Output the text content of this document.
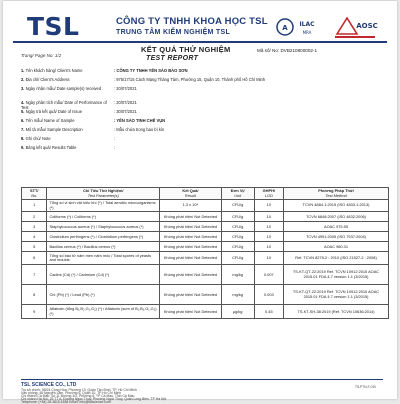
TSL	CÔNG TY TNHH KHOA HỌC TSL
TRUNG TÂM KIỂM NGHIỆM TSL
A ILAC
MRA
AOSC
Trang/ Page No: 1/2
KẾT QUẢ THỬ NGHIỆM
TEST REPORT
Mã số/ No: DVB210800002-1
1. Tên khách hàng/ Client's Name	: CÔNG TY TNHH YẾN SÀO BẢO SƠN
2. Địa chỉ/ Client's Address	: 975/17/15 Cách Mạng Tháng Tám, Phường 15, Quận 10, Thành phố Hồ Chí Minh
3. Ngày nhận mẫu/ Date sample(s) received	: 20/07/2021
4. Ngày phân tích mẫu/ Date of Performance of Test
: 20/07/2021
5. Ngày trả kết quả/ Date of Issue	: 30/07/2021
6. Tên mẫu/ Name of Sample	: YẾN SÀO TINH CHẾ VỤN
7. Mô tả mẫu/ Sample Description	: Mẫu chứa trong bao bì kín
8. Ghi chú/ Note	:
9. Bảng kết quả/ Results Table	:
STT/
No.	Chỉ Tiêu Thử Nghiệm/
Test Parameter(s)	Kết Quả/
Result	Đơn Vị/
Unit	GHPH/
LOD	Phương Pháp Thử/
Test Method

1	Tổng số vi sinh vật hiếu khí (*) / Total aerobic microorganisms (*)	1,3 x 10⁴	CFU/g	10	TCVN 4884-1:2015 (ISO 4833-1:2013)
2	Coliforms (*) / Coliforms (*)	Không phát hiện/ Not Detected	CFU/g	10	TCVN 6848:2007 (ISO 4832:2006)
3	Staphylococcus aureus (*) / Staphylococcus aureus (*)	Không phát hiện/ Not Detected	CFU/g	10	AOAC 975.55
4	Clostridium perfringens (*) / Clostridium perfringens (*)	Không phát hiện/ Not Detected	CFU/g	10	TCVN 4991:2005 (ISO 7937:2004)
5	Bacillus cereus (*) / Bacillus cereus (*)	Không phát hiện/ Not Detected	CFU/g	10	AOAC 980.31
6	Tổng số bào tử nấm men nấm mốc / Total spores of yeasts and moulds	Không phát hiện/ Not Detected	CFU/g	10	Ref. TCVN 8275-2 : 2010 (ISO 21527-2 : 2008)
7	Cadimi (Cd) (*) / Cadmium (Cd) (*)	Không phát hiện/ Not Detected	mg/kg	0.007	TS-KT-QT-22:2019 Ref. TCVN 10912:2015 AOAC 2015.01 FDA 4.7 version 1.1 (3/2015)
8	Chì (Pb) (*) / Lead (Pb) (*)	Không phát hiện/ Not Detected	mg/kg	0.003	TS-KT-QT-22:2019 Ref. TCVN 10912:2015 AOAC 2015.01 FDA 4.7 version 1.1 (3/2015)
9	Aflatoxin (tổng B₁,B₂,G₁,G₂) (*) / Aflatoxin (sum of B₁,B₂,G₁,G₂) (*)	Không phát hiện/ Not Detected	µg/kg	0.45	TS-KT-SH-38:2019 (Ref. TCVN 10636:2014)
TSL SCIENCE CO., LTD
Trụ sở chính: 58/24 Cộng Hòa, Phường 13, Quận Tân Bình, TP. Hồ Chí Minh
Văn phòng: 48 Nguyễn Lâm, Phường 6, Quận 10, TP Hồ Chí Minh
Chi nhánh Cà Mau: Số 11 Đường 3/2, Phường 6, TP Cà Mau, Tỉnh Cà Mau
Chi nhánh Hà Nội: 29 TT A, Đường Ngọc Thụy, Phường Ngọc Thụy, Quận Long Biên, TP Hà Nội
Telephone: (+84) 28.3815.4538 Email: info@tslscience.com
TS-PTN-F-010
